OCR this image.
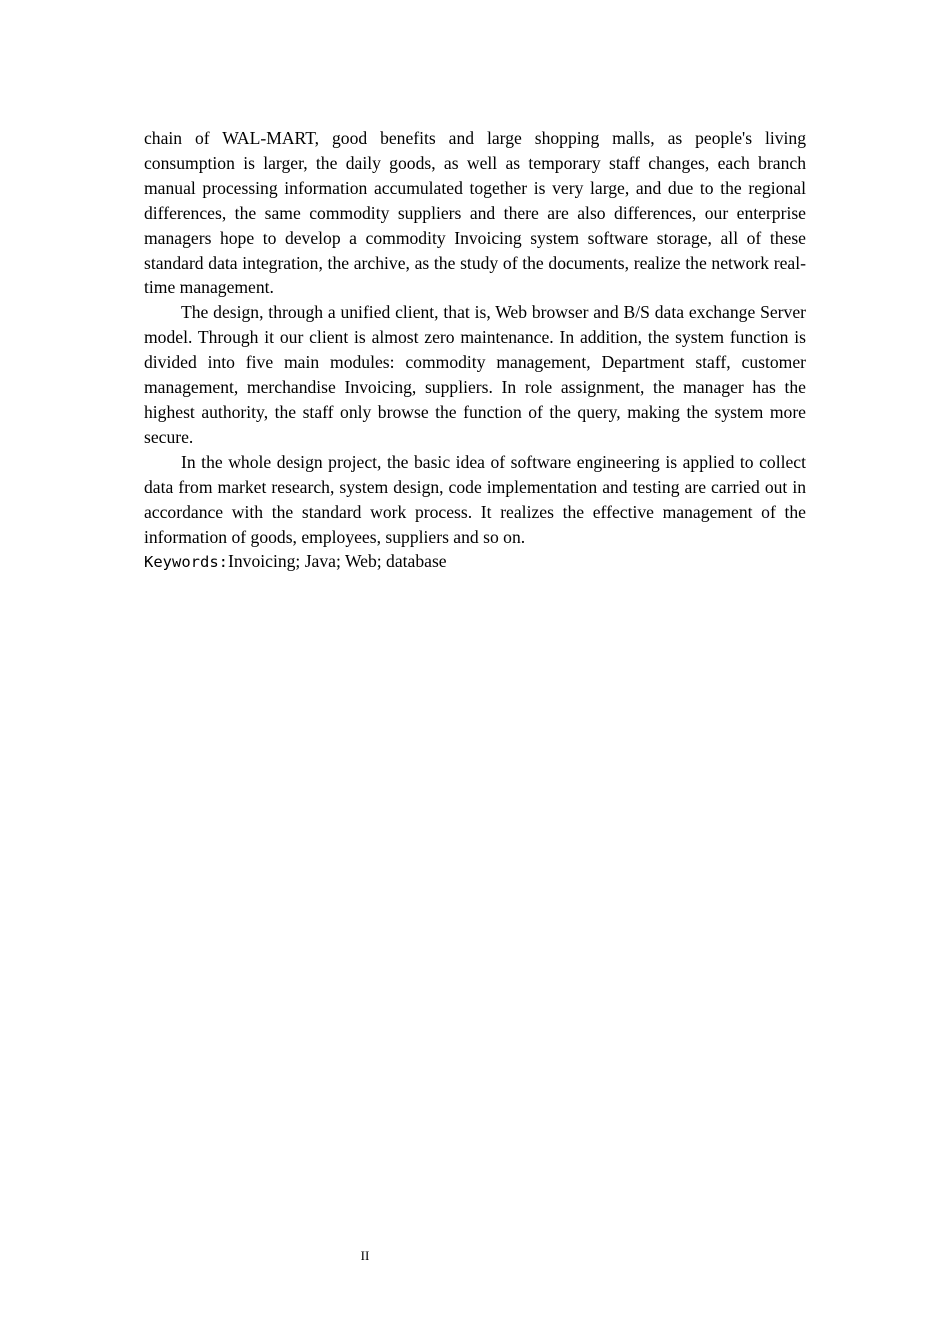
chain of WAL-MART, good benefits and large shopping malls, as people's living consumption is larger, the daily goods, as well as temporary staff changes, each branch manual processing information accumulated together is very large, and due to the regional differences, the same commodity suppliers and there are also differences, our enterprise managers hope to develop a commodity Invoicing system software storage, all of these standard data integration, the archive, as the study of the documents, realize the network real-time management.

The design, through a unified client, that is, Web browser and B/S data exchange Server model. Through it our client is almost zero maintenance. In addition, the system function is divided into five main modules: commodity management, Department staff, customer management, merchandise Invoicing, suppliers. In role assignment, the manager has the highest authority, the staff only browse the function of the query, making the system more secure.

In the whole design project, the basic idea of software engineering is applied to collect data from market research, system design, code implementation and testing are carried out in accordance with the standard work process. It realizes the effective management of the information of goods, employees, suppliers and so on.

Keywords:Invoicing; Java; Web; database

II
